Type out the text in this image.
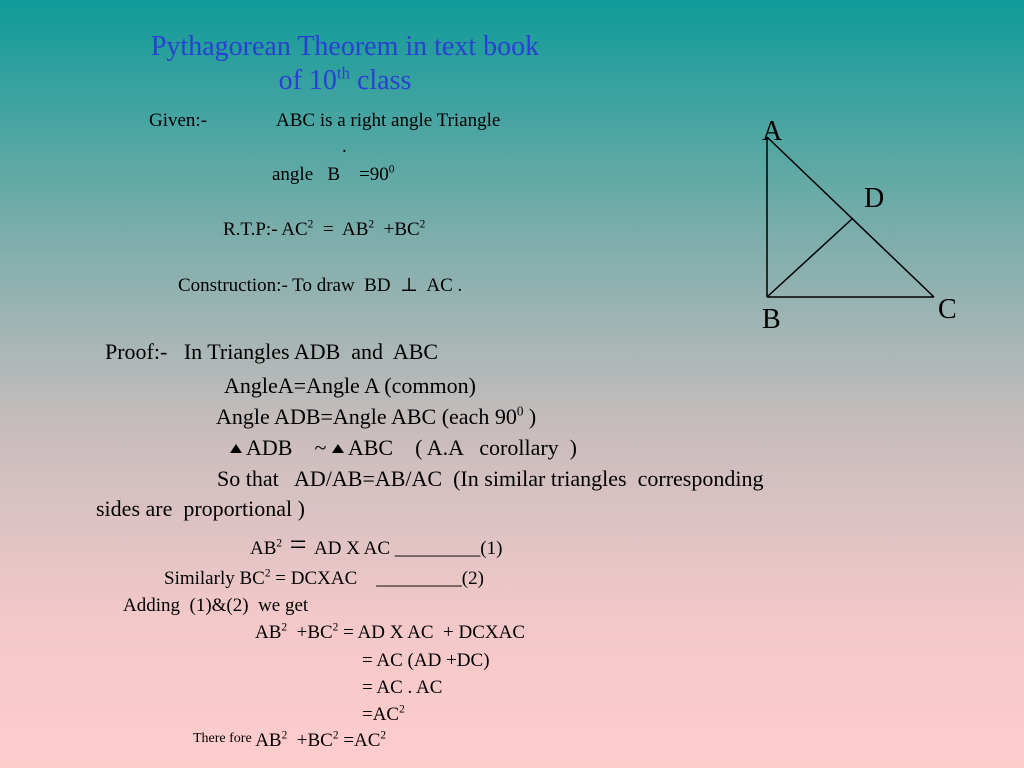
Pythagorean Theorem in text book
of 10th class
Given:-	ABC is a right angle Triangle
.
angle   B    $=90^0$
R.T.P:- $AC^2 = AB^2 +BC^2$
Construction:- To draw  BD  ⊥  AC .
Proof:-   In Triangles ADB  and  ABC
AngleA=Angle A (common)
Angle ADB=Angle ABC (each $90^0$ )
ADB    ~ ABC    ( A.A   corollary  )
So that   AD/AB=AB/AC  (In similar triangles  corresponding
sides are  proportional )
$AB^2$ = AD X AC _________(1)
Similarly $BC^2$ = DCXAC    _________(2)
Adding  (1)&(2)  we get
$AB^2 +BC^2$ = AD X AC  + DCXAC
= AC (AD +DC)
= AC . AC
$=AC^2$
$^{There fore}$ $AB^2 +BC^2 =AC^2$
A
D
B	C
